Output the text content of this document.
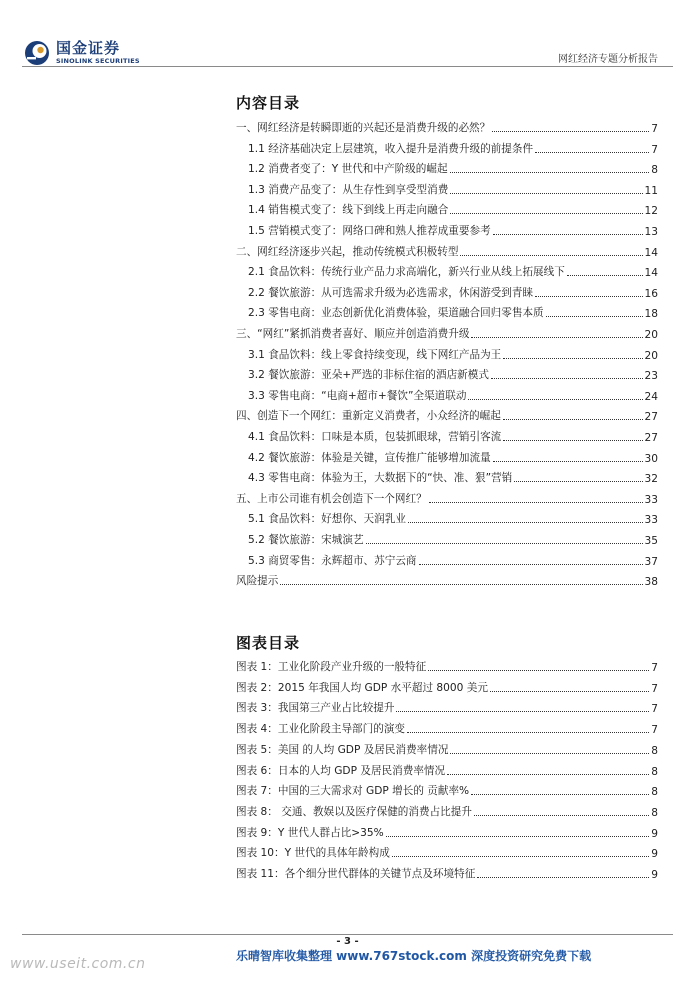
国金证券
SINOLINK SECURITIES	网红经济专题分析报告
内容目录
一、网红经济是转瞬即逝的兴起还是消费升级的必然？	7
1.1 经济基础决定上层建筑，收入提升是消费升级的前提条件	7
1.2 消费者变了：Y 世代和中产阶级的崛起	8
1.3 消费产品变了：从生存性到享受型消费	11
1.4 销售模式变了：线下到线上再走向融合	12
1.5 营销模式变了：网络口碑和熟人推荐成重要参考	13
二、网红经济逐步兴起，推动传统模式积极转型	14
2.1 食品饮料：传统行业产品力求高端化，新兴行业从线上拓展线下	14
2.2 餐饮旅游：从可选需求升级为必选需求，休闲游受到青睐	16
2.3 零售电商：业态创新优化消费体验，渠道融合回归零售本质	18
三、“网红”紧抓消费者喜好、顺应并创造消费升级	20
3.1 食品饮料：线上零食持续变现，线下网红产品为王	20
3.2 餐饮旅游：亚朵+严选的非标住宿的酒店新模式	23
3.3 零售电商：“电商+超市+餐饮”全渠道联动	24
四、创造下一个网红：重新定义消费者，小众经济的崛起	27
4.1 食品饮料：口味是本质，包装抓眼球，营销引客流	27
4.2 餐饮旅游：体验是关键，宣传推广能够增加流量	30
4.3 零售电商：体验为王，大数据下的“快、准、狠”营销	32
五、上市公司谁有机会创造下一个网红？	33
5.1 食品饮料：好想你、天润乳业	33
5.2 餐饮旅游：宋城演艺	35
5.3 商贸零售：永辉超市、苏宁云商	37
风险提示	38
图表目录
图表 1：工业化阶段产业升级的一般特征	7
图表 2：2015 年我国人均 GDP 水平超过 8000 美元	7
图表 3：我国第三产业占比较提升	7
图表 4：工业化阶段主导部门的演变	7
图表 5：美国 的人均 GDP 及居民消费率情况	8
图表 6：日本的人均 GDP 及居民消费率情况	8
图表 7：中国的三大需求对 GDP 增长的 贡献率%	8
图表 8： 交通、教娱以及医疗保健的消费占比提升	8
图表 9：Y 世代人群占比>35%	9
图表 10：Y 世代的具体年龄构成	9
图表 11：各个细分世代群体的关键节点及环境特征	9
- 3 -
www.useit.com.cn	乐晴智库收集整理 www.767stock.com 深度投资研究免费下载
